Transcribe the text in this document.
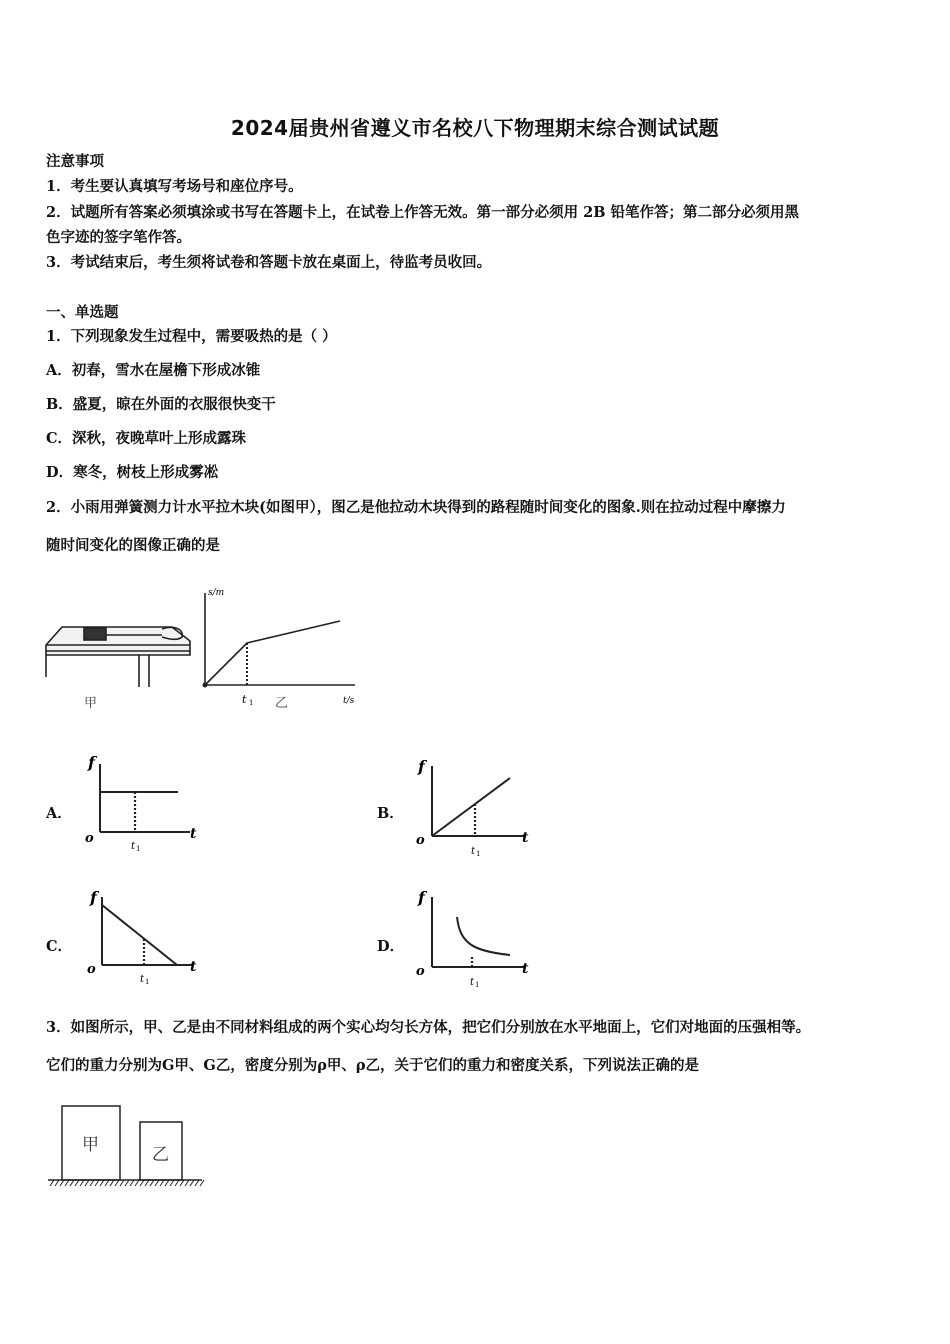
2024届贵州省遵义市名校八下物理期末综合测试试题
注意事项
1．考生要认真填写考场号和座位序号。
2．试题所有答案必须填涂或书写在答题卡上，在试卷上作答无效。第一部分必须用 2B 铅笔作答；第二部分必须用黑
色字迹的签字笔作答。
3．考试结束后，考生须将试卷和答题卡放在桌面上，待监考员收回。
一、单选题
1．下列现象发生过程中，需要吸热的是（ ）
A．初春，雪水在屋檐下形成冰锥
B．盛夏，晾在外面的衣服很快变干
C．深秋，夜晚草叶上形成露珠
D．寒冬，树枝上形成雾凇
2．小雨用弹簧测力计水平拉木块(如图甲），图乙是他拉动木块得到的路程随时间变化的图象.则在拉动过程中摩擦力
随时间变化的图像正确的是
甲
s/m
t/s
t 1 乙
A．
f
t
o
t 1
B．
f
t
o
t 1
C．
f
t
o
t 1
D．
f
t
o
t 1
3．如图所示，甲、乙是由不同材料组成的两个实心均匀长方体，把它们分别放在水平地面上，它们对地面的压强相等。
它们的重力分别为G甲、G乙，密度分别为ρ甲、ρ乙，关于它们的重力和密度关系，下列说法正确的是
甲	乙
